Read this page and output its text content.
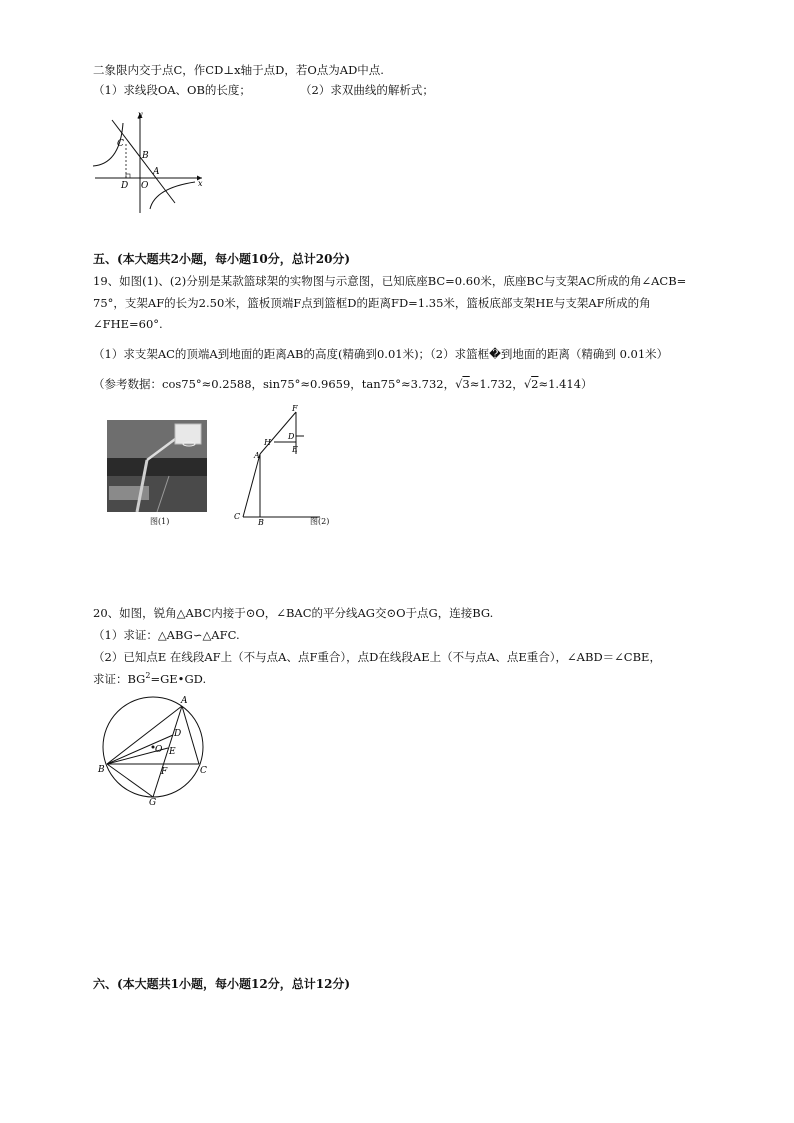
二象限内交于点C，作CD⊥x轴于点D，若O点为AD中点.
（1）求线段OA、OB的长度；	（2）求双曲线的解析式；
y
x
C
B
A
D O
五、(本大题共2小题，每小题10分，总计20分)
19、如图(1)、(2)分别是某款篮球架的实物图与示意图，已知底座BC=0.60米，底座BC与支架AC所成的角∠ACB=
75°，支架AF的长为2.50米，篮板顶端F点到篮框D的距离FD=1.35米，篮板底部支架HE与支架AF所成的角
∠FHE=60°.
（1）求支架AC的顶端A到地面的距离AB的高度(精确到0.01米)；（2）求篮框�到地面的距离（精确到 0.01米）
（参考数据：cos75°≈0.2588，sin75°≈0.9659，tan75°≈3.732，√3≈1.732，√2≈1.414）
图(1)
F
D
H
E
A
C
B	图(2)
20、如图，锐角△ABC内接于⊙O，∠BAC的平分线AG交⊙O于点G，连接BG.
（1）求证：△ABG∽△AFC.
（2）已知点E 在线段AF上（不与点A、点F重合），点D在线段AE上（不与点A、点E重合），∠ABD＝∠CBE，
求证：$BG^2=GE•GD$.
A
D
O E
B	F	C
G
六、(本大题共1小题，每小题12分，总计12分)
